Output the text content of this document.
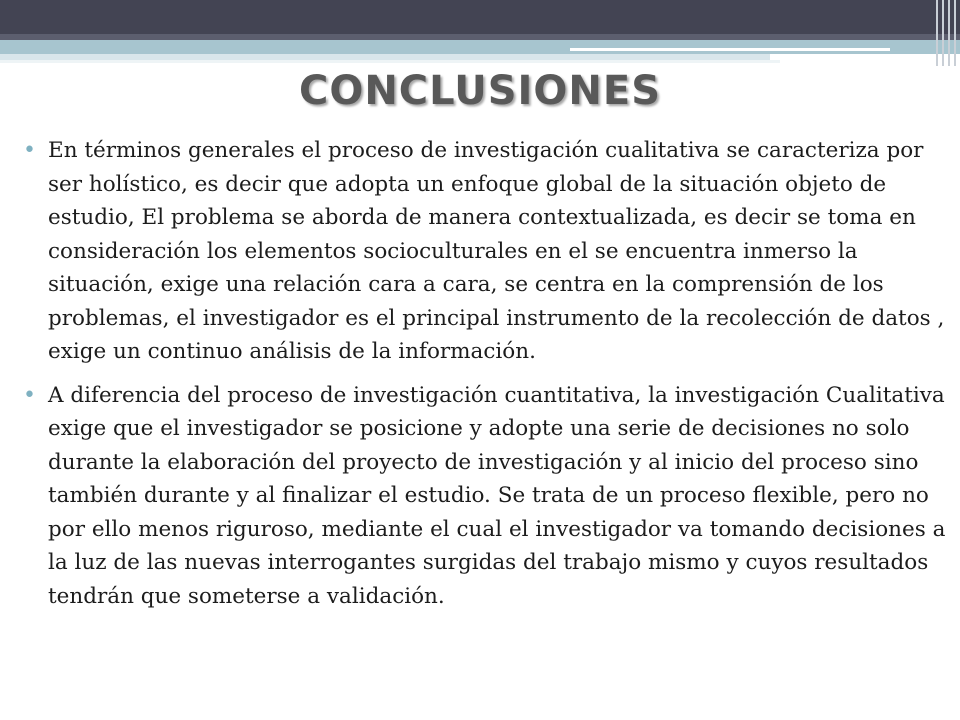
CONCLUSIONES
• En términos generales el proceso de investigación cualitativa se caracteriza por ser holístico, es decir que adopta un enfoque global de la situación objeto de estudio, El problema se aborda de manera contextualizada, es decir se toma en consideración los elementos socioculturales en el se encuentra inmerso la situación, exige una relación cara a cara, se centra en la comprensión de los problemas, el investigador es el principal instrumento de la recolección de datos , exige un continuo análisis de la información.
• A diferencia del proceso de investigación cuantitativa, la investigación Cualitativa exige que el investigador se posicione y adopte una serie de decisiones no solo durante la elaboración del proyecto de investigación y al inicio del proceso sino también durante y al finalizar el estudio. Se trata de un proceso flexible, pero no por ello menos riguroso, mediante el cual el investigador va tomando decisiones a la luz de las nuevas interrogantes surgidas del trabajo mismo y cuyos resultados tendrán que someterse a validación.
